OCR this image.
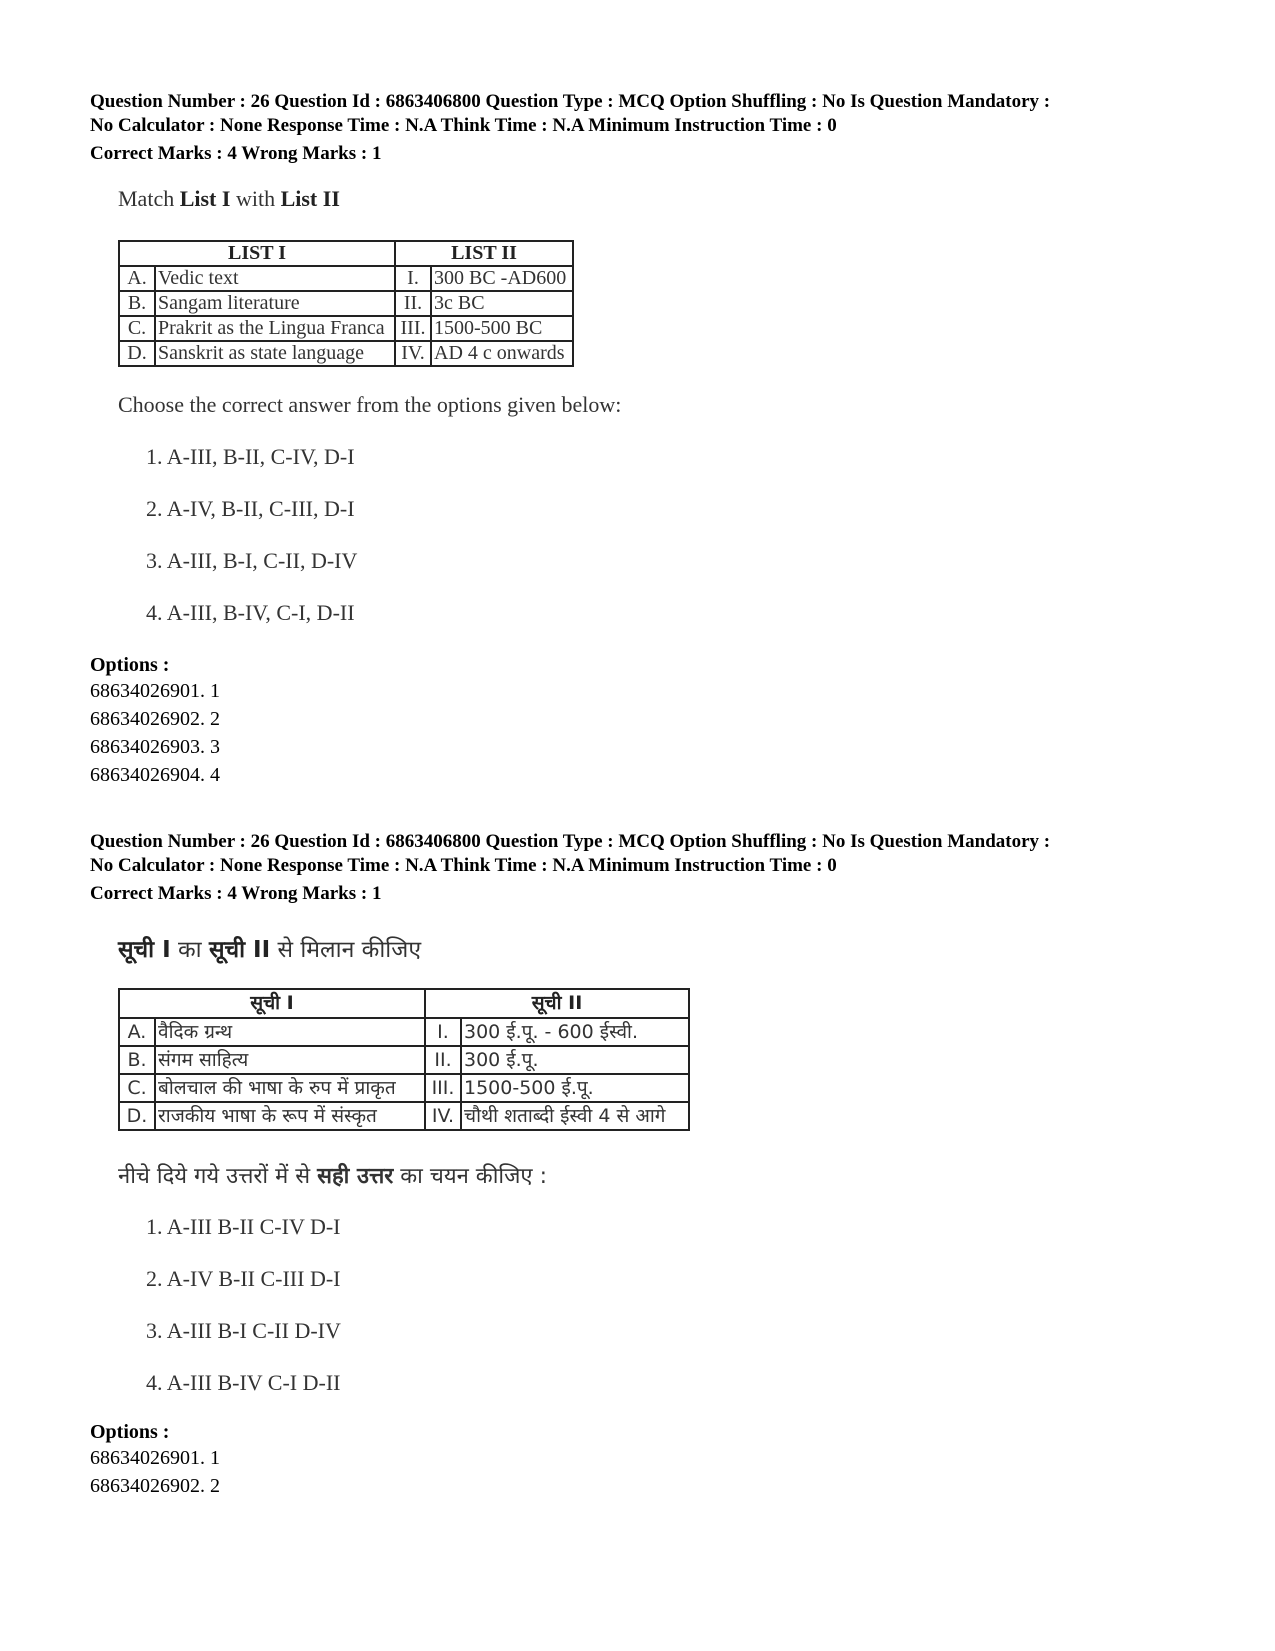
Question Number : 26 Question Id : 6863406800 Question Type : MCQ Option Shuffling : No Is Question Mandatory :
No Calculator : None Response Time : N.A Think Time : N.A Minimum Instruction Time : 0
Correct Marks : 4 Wrong Marks : 1

Match List I with List II

LIST I		LIST II	
A.	Vedic text	I.	300 BC -AD600
B.	Sangam literature	II.	3c BC
C.	Prakrit as the Lingua Franca	III.	1500-500 BC
D.	Sanskrit as state language	IV.	AD 4 c onwards
Choose the correct answer from the options given below:
1. A-III, B-II, C-IV, D-I
2. A-IV, B-II, C-III, D-I
3. A-III, B-I, C-II, D-IV
4. A-III, B-IV, C-I, D-II
Options :
68634026901. 1
68634026902. 2
68634026903. 3
68634026904. 4
Question Number : 26 Question Id : 6863406800 Question Type : MCQ Option Shuffling : No Is Question Mandatory :
No Calculator : None Response Time : N.A Think Time : N.A Minimum Instruction Time : 0
Correct Marks : 4 Wrong Marks : 1

सूची I का सूची II से मिलान कीजिए

सूची I		सूची II	
A.	वैदिक ग्रन्थ	I.	300 ई.पू. - 600 ईस्वी.
B.	संगम साहित्य	II.	300 ई.पू.
C.	बोलचाल की भाषा के रुप में प्राकृत	III.	1500-500 ई.पू.
D.	राजकीय भाषा के रूप में संस्कृत	IV.	चौथी शताब्दी ईस्वी 4 से आगे
नीचे दिये गये उत्तरों में से सही उत्तर का चयन कीजिए :
1. A-III B-II C-IV D-I
2. A-IV B-II C-III D-I
3. A-III B-I C-II D-IV
4. A-III B-IV C-I D-II
Options :
68634026901. 1
68634026902. 2
